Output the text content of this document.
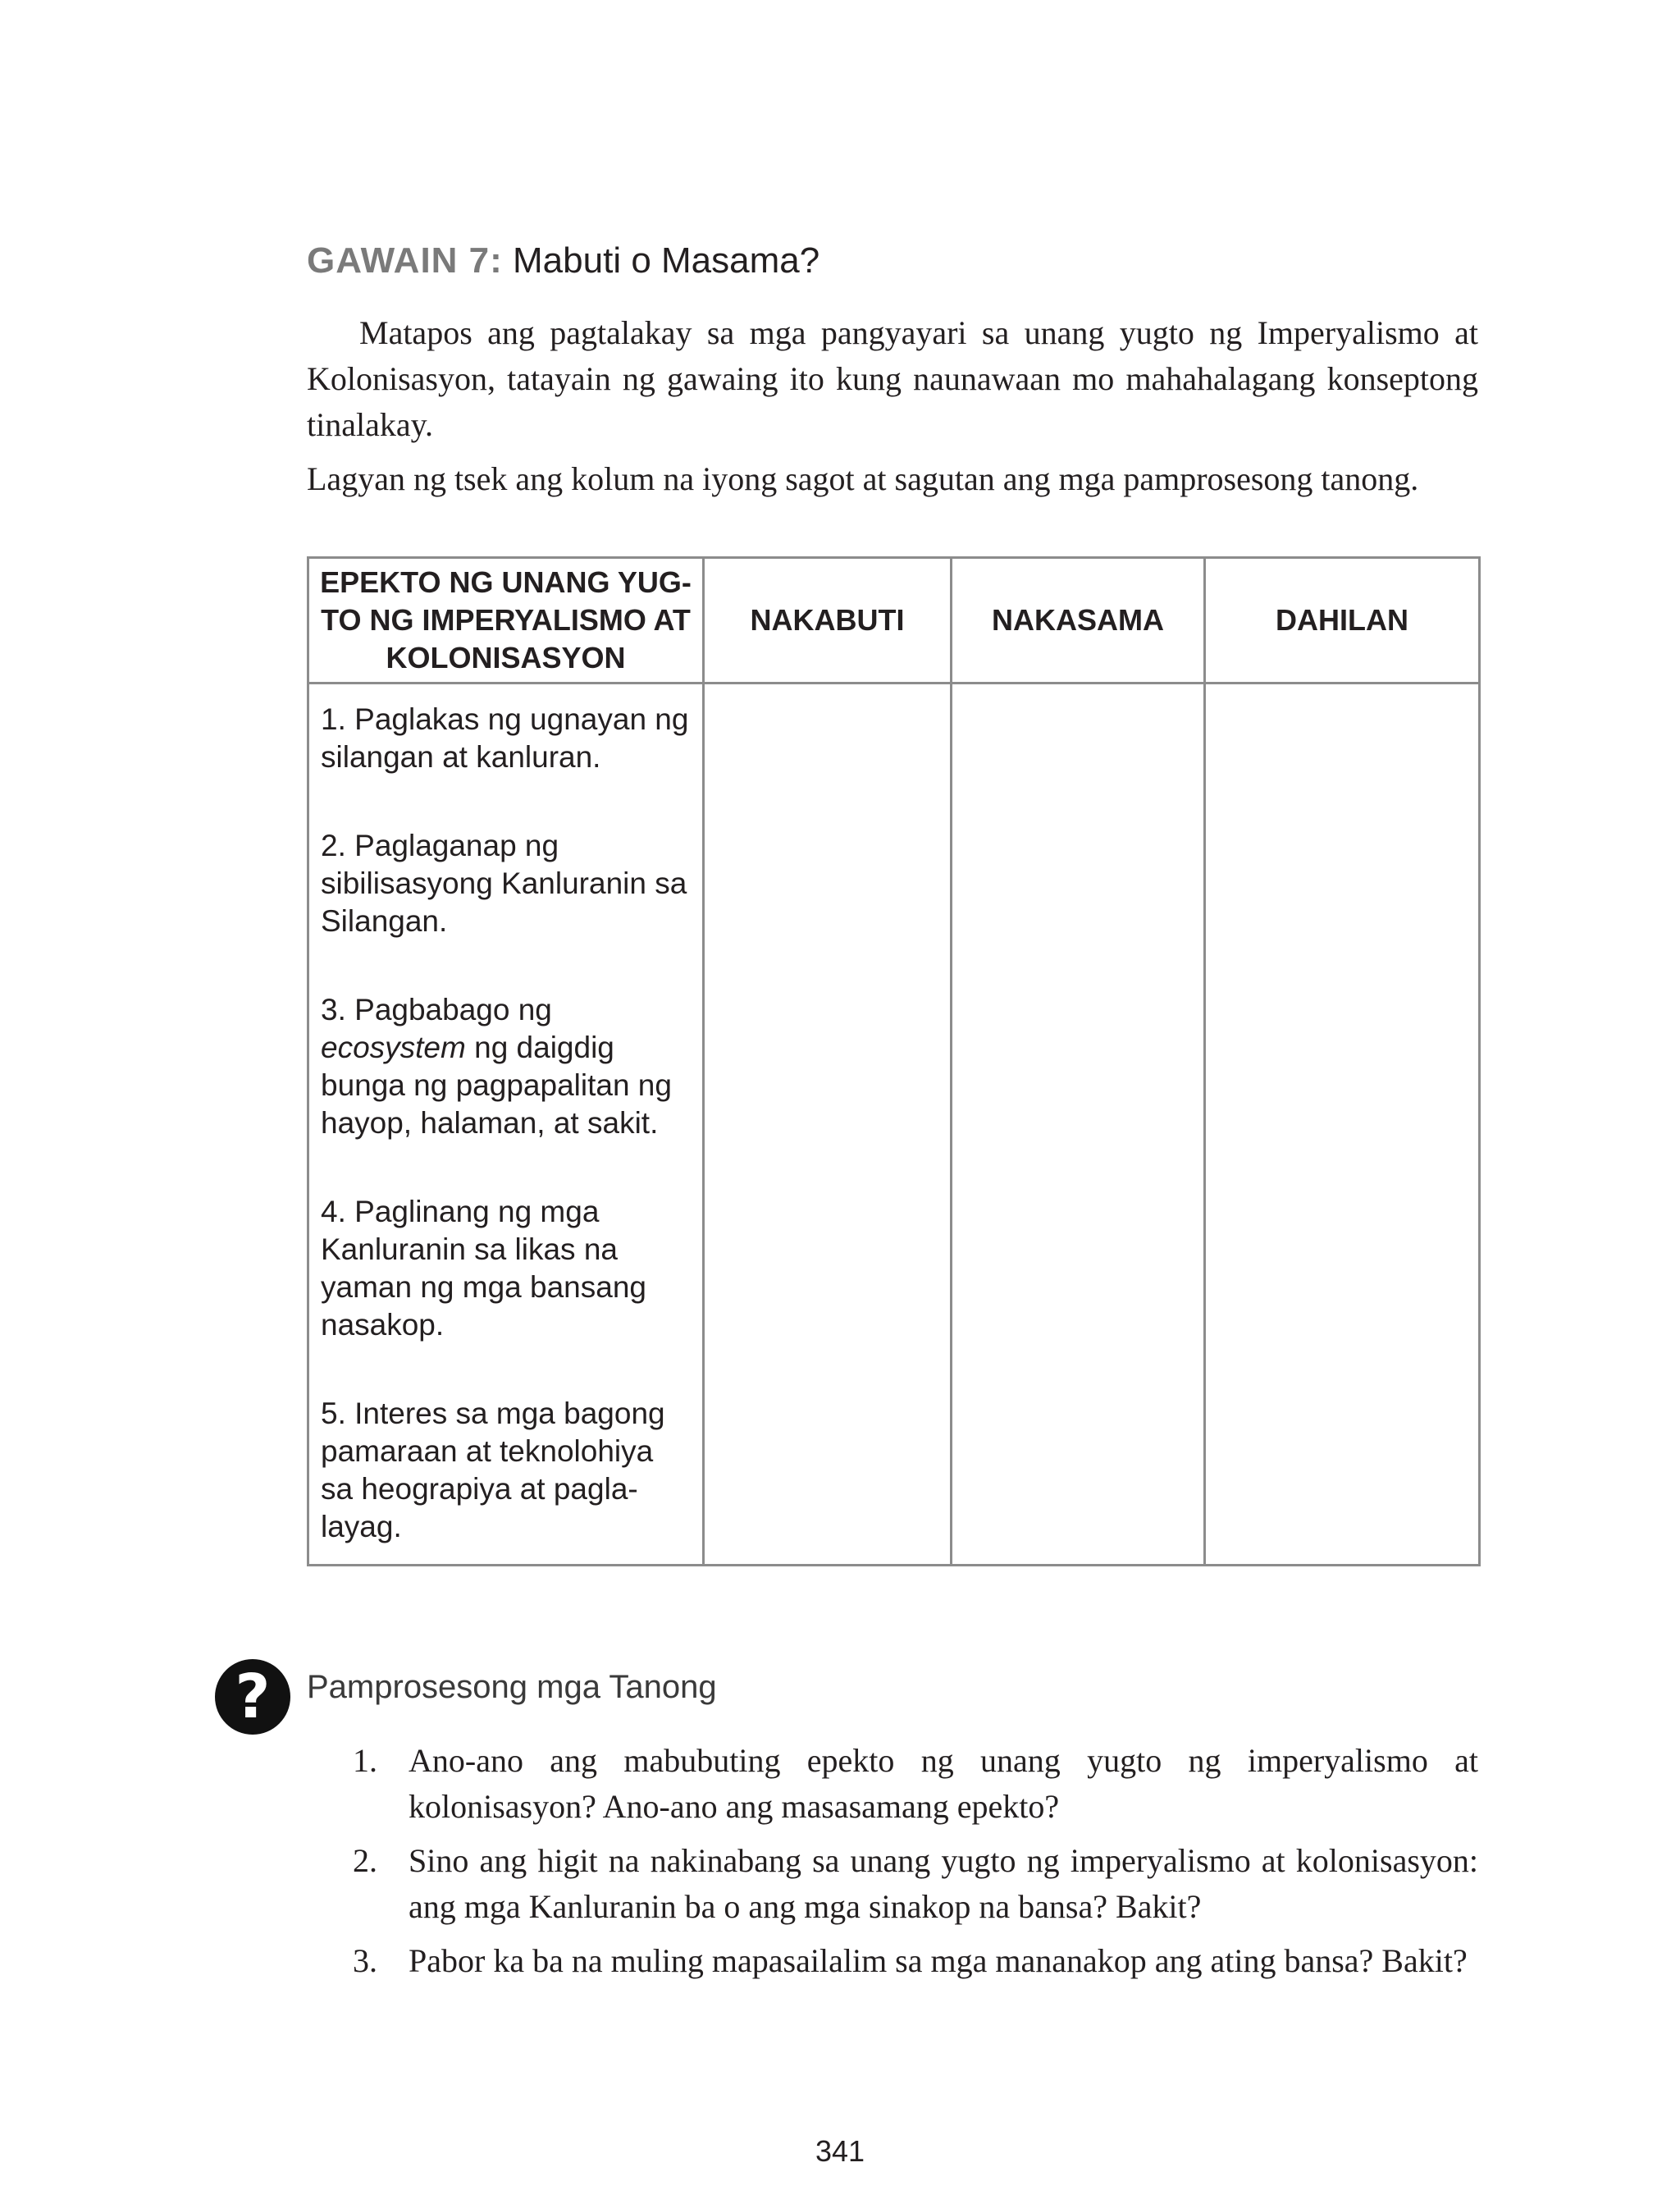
GAWAIN 7: Mabuti o Masama?

Matapos ang pagtalakay sa mga pangyayari sa unang yugto ng Imperyalismo at Kolonisasyon, tatayain ng gawaing ito kung naunawaan mo mahahalagang konseptong tinalakay.

Lagyan ng tsek ang kolum na iyong sagot at sagutan ang mga pamprosesong tanong.

EPEKTO NG UNANG YUG-TO NG IMPERYALISMO AT KOLONISASYON	NAKABUTI	NAKASAMA	DAHILAN

1. Paglakas ng ugnayan ng silangan at kanluran.

2. Paglaganap ng sibilisasyong Kanluranin sa Silangan.

3. Pagbabago ng ecosystem ng daigdig bunga ng pagpapalitan ng hayop, halaman, at sakit.

4. Paglinang ng mga Kanluranin sa likas na yaman ng mga bansang nasakop.

5. Interes sa mga bagong pamaraan at teknolohiya sa heograpiya at pagla-layag.			

?	Pamprosesong mga Tanong
1. Ano-ano ang mabubuting epekto ng unang yugto ng imperyalismo at kolonisasyon? Ano-ano ang masasamang epekto?
2. Sino ang higit na nakinabang sa unang yugto ng imperyalismo at kolonisasyon: ang mga Kanluranin ba o ang mga sinakop na bansa? Bakit?
3. Pabor ka ba na muling mapasailalim sa mga mananakop ang ating bansa? Bakit?
341
